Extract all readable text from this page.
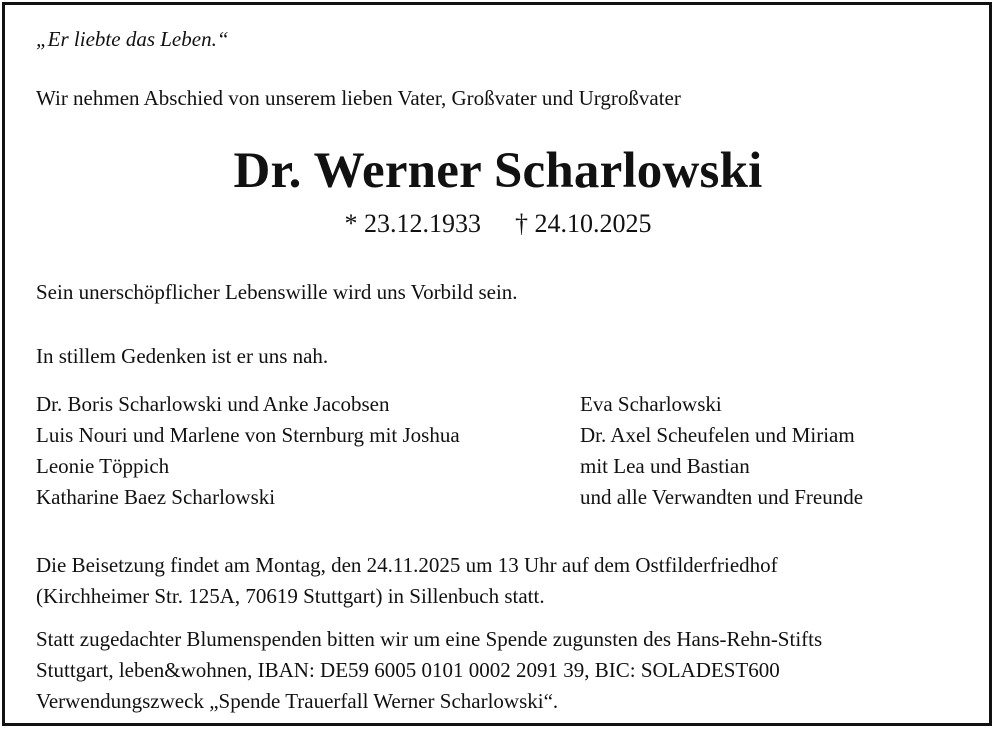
„Er liebte das Leben.“

Wir nehmen Abschied von unserem lieben Vater, Großvater und Urgroßvater

Dr. Werner Scharlowski
* 23.12.1933 † 24.10.2025

Sein unerschöpflicher Lebenswille wird uns Vorbild sein.

In stillem Gedenken ist er uns nah.

Dr. Boris Scharlowski und Anke Jacobsen
Luis Nouri und Marlene von Sternburg mit Joshua
Leonie Töppich
Katharine Baez Scharlowski
Eva Scharlowski
Dr. Axel Scheufelen und Miriam
mit Lea und Bastian
und alle Verwandten und Freunde
Die Beisetzung findet am Montag, den 24.11.2025 um 13 Uhr auf dem Ostfilderfriedhof
(Kirchheimer Str. 125A, 70619 Stuttgart) in Sillenbuch statt.
Statt zugedachter Blumenspenden bitten wir um eine Spende zugunsten des Hans-Rehn-Stifts
Stuttgart, leben&wohnen, IBAN: DE59 6005 0101 0002 2091 39, BIC: SOLADEST600
Verwendungszweck „Spende Trauerfall Werner Scharlowski“.
